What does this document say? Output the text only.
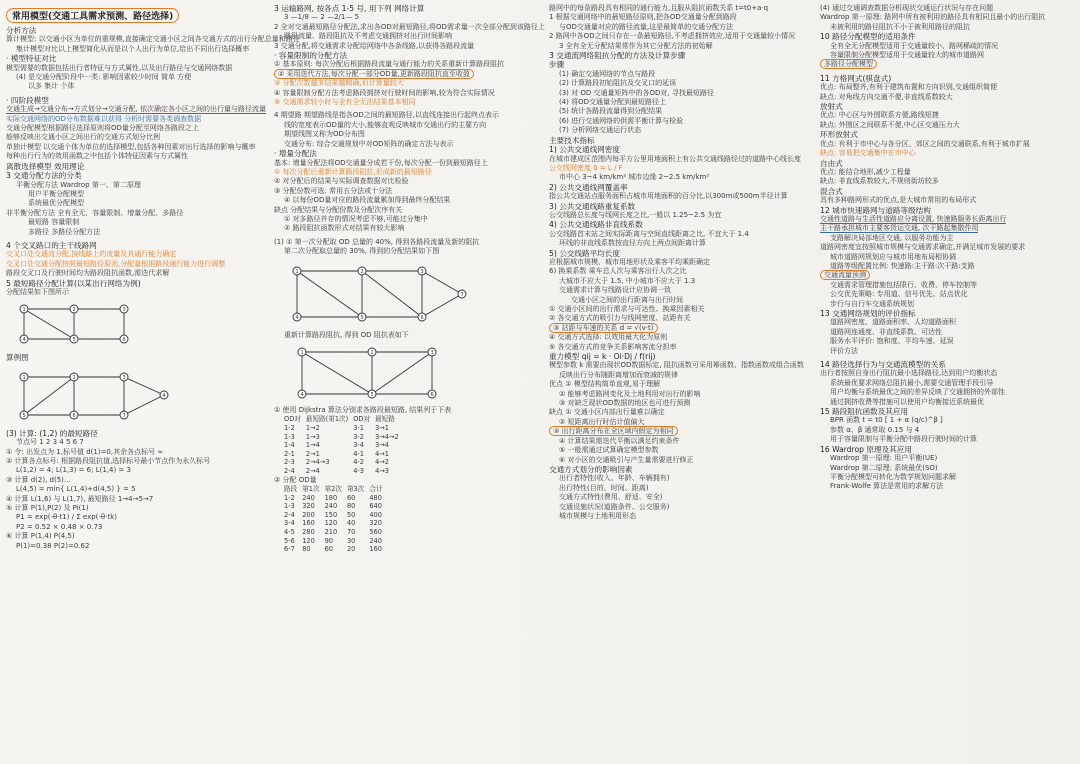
常用模型(交通工具需求预测、路径选择)
分析方法
算计模型: 以交通小区为单位的重规模,直接确定交通小区之间各交通方式的出行分配总量和路径
集计模型对比以上模型简化从而是以个人出行为单位,给出不同出行选择概率
· 模型特征对比
模型需要的数据包括出行者特征与方式属性,以及出行路径与交通网络数据
(4) 是交通分配阶段中一类: 影响因素较少时间 简单 方便
以多 集计 个体
· 四阶段模型
交通生成→交通分布→方式划分→交通分配, 依次确定各小区之间的出行量与路径流量
实际交通网络的OD分布数据难以获得 分析时需要各类调查数据
交通分配模型根据路径选择原则将OD量分配至网络各路段之上
能够反映出交通小区之间出行的交通方式划分比例
单独计模型 以交通个体为单位的选择模型,包括各种因素对出行选择的影响与概率
每种出行行为的效用函数之中包括个体特征因素与方式属性
离散选择模型 效用理论
3 交通分配方法的分类
平衡分配方法 Wardrop 第一、第二原理
用户平衡分配模型
系统最优分配模型
非平衡分配方法 全有全无、容量限制、增量分配、多路径
最短路 容量限制
多路径 多路径分配方法
4 个交叉路口的主干线路网
交叉口处交通流分配,按线路上的流量及其通行能力确定
交叉口处交通分配按照最短路径原则,分配量根据路段通行能力进行调整
路段交叉口及行驶时间均为路段阻抗函数,需迭代求解
5 最短路径分配计算(以某出行网络为例)
分配结果如下图所示
1	2	3
4	5	6
算例图
1	2	3
4
5	6	7
(3) 计算: (1,2) 的最短路径
节点号 1 2 3 4 5 6 7
① 令: 出发点为 1,标号值 d(1)=0,其余各点标号 ∞
② 计算各点标号: 根据路段阻抗值,选择标号最小节点作为永久标号
L(1,2) = 4; L(1,3) = 6; L(1,4) = 3
③ 计算 d(2), d(5)...
L(4,5) = min{ L(1,4)+d(4,5) } = 5
④ 计算 L(1,6) 与 L(1,7), 最短路径 1→4→5→7
⑤ 计算 P(1),P(2) 及 Pi(1)
P1 = exp(-θ·t1) / Σ exp(-θ·tk)
P2 = 0.52 × 0.48 × 0.73
⑥ 计算 P(1,4) P(4,5)
P(1)=0.38 P(2)=0.62
3 运输路网, 按各点 1-5 号, 用下列 网络计算
3 —1/8 — 2 —2/1— 5
2 全对交通最短路径分配法,求出各OD对最短路径,将OD需求量一次全部分配到该路径上
路段流量、路段阻抗及不考虑交通拥挤对出行时间影响
3 交通分配,将交通需求分配给网络中各条线路,以获得各路段流量
· 容量限制的分配方法
① 基本原则: 每次分配后根据路段流量与通行能力的关系重新计算路段阻抗
② 采用迭代方法,每次分配一部分OD量,更新路段阻抗直至收敛
③ 分配次数越多结果越精确,但计算量较大
④ 容量限制分配方法考虑路段拥挤对行驶时间的影响,较为符合实际情况
⑤ 交通需求较小时与全有全无法结果基本相同
4 期望路 期望路线是指各OD之间的最短路径,以直线连接出行起终点表示
线的宽度表示OD量的大小,能够直观反映城市交通出行的主要方向
期望线图又称为OD分布图
交通分布: 综合交通规划中对OD矩阵的确定方法与表示
· 增量分配法
基本: 增量分配法将OD交通量分成若干份,每次分配一份到最短路径上
① 每次分配后重新计算路段阻抗,形成新的最短路径
② 对分配后的结果与实际调查数据对比检验
③ 分配份数可选: 常用五分法或十分法
④ 以每份OD量对应的路段流量累加得到最终分配结果
缺点 分配结果与分配份数及分配次序有关
① 对多路径并存的情况考虑不够,可能过分集中
② 路段阻抗函数形式对结果有较大影响
(1) ① 第一次分配取 OD 总量的 40%, 得到各路段流量及新的阻抗
第二次分配取总量的 30%, 得到的分配结果如下图
1	2	3
4	5	6
7
重新计算路段阻抗, 得到 OD 阻抗表如下
1	2	3
4	5	6
① 使用 Dijkstra 算法分别求各路段最短路, 结果列于下表
OD对	最短路(第1次)	OD对	最短路
1-2	1→2	3-1	3→1
1-3	1→3	3-2	3→4→2
1-4	1→4	3-4	3→4
2-1	2→1	4-1	4→1
2-3	2→4→3	4-2	4→2
2-4	2→4	4-3	4→3
② 分配 OD量
路段	第1次	第2次	第3次	合计
1-2	240	180	60	480
1-3	320	240	80	640
2-4	200	150	50	400
3-4	160	120	40	320
4-5	280	210	70	560
5-6	120	90	30	240
6-7	80	60	20	160
路网中的每条路段具有相同的通行能力,且服从阻抗函数关系 t=t0+a·q
1 根据交通网络中的最短路径原则,把各OD交通量分配到路段
与OD交通量对应的路径流量,这是最简单的交通分配方法
2 路网中各OD之间只存在一条最短路径,不考虑拥挤效应,适用于交通量较小情况
3 全有全无分配结果常作为其它分配方法的初始解
3 交通流网络阻抗分配的方法及计算步骤
步骤
(1) 确定交通网络的节点与路段
(2) 计算路段初始阻抗及交叉口的延误
(3) 对 OD 交通量矩阵中的各OD对, 寻找最短路径
(4) 将OD交通量分配到最短路径上
(5) 统计各路段流量得到分配结果
(6) 进行交通网络的供需平衡计算与检验
(7) 分析网络交通运行状态
主要技术指标
1) 公共交通线网密度
在城市建成区范围内每平方公里用地面积上有公共交通线路经过的道路中心线长度
公交线网密度 δ = L / F
市中心 3~4 km/km² 城市边缘 2~2.5 km/km²
2) 公共交通线网覆盖率
指公共交通站点服务面积占城市用地面积的百分比,以300m或500m半径计算
3) 公共交通线路重复系数
公交线路总长度与线网长度之比,一般以 1.25~2.5 为宜
4) 公共交通线路非直线系数
公交线路首末站之间实际距离与空间直线距离之比, 不宜大于 1.4
环线的非直线系数按直径方向上两点间距离计算
5) 公交线路平均长度
应根据城市规模、城市用地形状及乘客平均乘距确定
6) 换乘系数 乘车总人次与乘客出行人次之比
大城市不应大于 1.5, 中小城市不应大于 1.3
交通需求计算与线路设计应协调一致
交通小区之间的出行距离与出行时间
① 交通小区间的出行需求与可达性、换乘因素相关
② 各交通方式的吸引力与线网密度、站距有关
③ 站距与车速的关系 d = √(v·t)
④ 交通方式选择: 以效用最大化为原则
⑤ 各交通方式的竞争关系影响客流分担率
重力模型 qij = k · Oi·Dj / f(rij)
模型参数 k 需要由现状OD数据标定, 阻抗函数可采用幂函数、指数函数或组合函数
反映出行分布随距离增加而衰减的规律
优点 ① 模型结构简单直观,易于理解
② 能够考虑路网变化及土地利用对出行的影响
③ 对缺乏现状OD数据的地区也可进行预测
缺点 ① 交通小区内部出行量难以确定
② 短距离出行时估计值偏大
③ 出行距离分布在全区域内假定为相同
④ 计算结果需迭代平衡以满足约束条件
⑤ 一般需通过试算确定模型参数
⑥ 对小区的交通吸引与产生量需要进行修正
交通方式划分的影响因素
出行者特性(收入、年龄、车辆拥有)
出行特性(目的、时间、距离)
交通方式特性(费用、舒适、安全)
交通设施状况(道路条件、公交服务)
城市规模与土地利用形态
(4) 通过交通调查数据分析现状交通运行状况与存在问题
Wardrop 第一原理: 路网中所有被利用的路径具有相同且最小的出行阻抗
未被利用的路径阻抗不小于被利用路径的阻抗
10 路径分配模型的适用条件
全有全无分配模型适用于交通量较小、路网稀疏的情况
容量限制分配模型适用于交通量较大的城市道路网
多路径分配模型
11 方格网式(棋盘式)
优点: 布局整齐,有利于建筑布置和方向识别,交通组织简便
缺点: 对角线方向交通不便,非直线系数较大
放射式
优点: 中心区与外围联系方便,路线短捷
缺点: 外围区之间联系不便,中心区交通压力大
环形放射式
优点: 有利于市中心与各分区、郊区之间的交通联系,有利于城市扩展
缺点: 容易把交通集中在市中心
自由式
优点: 能结合地形,减少工程量
缺点: 非直线系数较大,不规则街坊较多
混合式
具有多种路网形式的优点,是大城市常用的布局形式
12 城市快速路网与道路等级结构
交通性道路与生活性道路应分离设置, 快速路服务长距离出行
主干路承担城市主要客货运交通, 次干路起集散作用
支路解决局部地区交通, 以服务功能为主
道路网密度宜按照城市规模与交通需求确定,并满足城市发展的要求
城市道路网规划应与城市用地布局相协调
道路等级配置比例: 快速路:主干路:次干路:支路
交通流量预测
交通需求管理措施包括限行、收费、停车控制等
公交优先策略: 专用道、信号优先、站点优化
步行与自行车交通系统规划
13 交通网络规划的评价指标
道路网密度、道路面积率、人均道路面积
道路网连通度、非直线系数、可达性
服务水平评价: 饱和度、平均车速、延误
评价方法
14 路径选择行为与交通流模型的关系
出行者按照自身出行阻抗最小选择路径,达到用户均衡状态
系统最优要求网络总阻抗最小,需要交通管理手段引导
用户均衡与系统最优之间的差异反映了交通拥挤的外部性
通过拥挤收费等措施可以使用户均衡接近系统最优
15 路段阻抗函数及其应用
BPR 函数 t = t0 [ 1 + α (q/c)^β ]
参数 α、β 通常取 0.15 与 4
用于容量限制与平衡分配中路段行驶时间的计算
16 Wardrop 原理及其应用
Wardrop 第一原理: 用户平衡(UE)
Wardrop 第二原理: 系统最优(SO)
平衡分配模型可转化为数学规划问题求解
Frank-Wolfe 算法是常用的求解方法
